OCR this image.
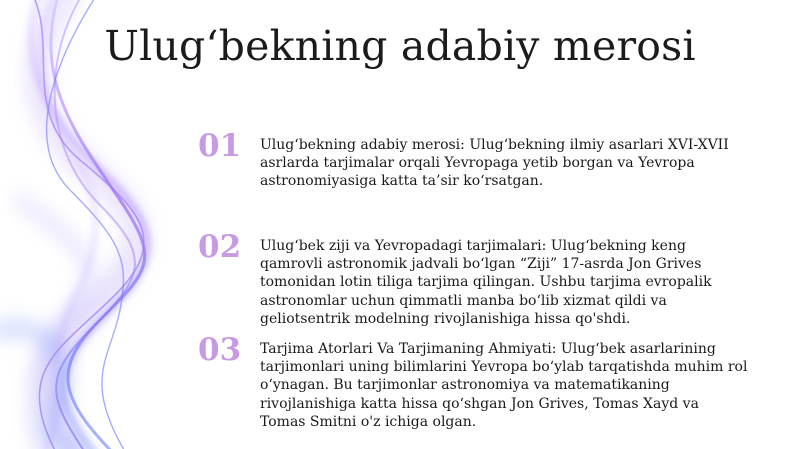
Ulug‘bekning adabiy merosi
01	Ulug‘bekning adabiy merosi: Ulug‘bekning ilmiy asarlari XVI-XVII asrlarda tarjimalar orqali Yevropaga yetib borgan va Yevropa astronomiyasiga katta ta’sir ko‘rsatgan.
02	Ulug‘bek ziji va Yevropadagi tarjimalari: Ulug‘bekning keng qamrovli astronomik jadvali bo‘lgan “Ziji” 17-asrda Jon Grives tomonidan lotin tiliga tarjima qilingan. Ushbu tarjima evropalik astronomlar uchun qimmatli manba bo‘lib xizmat qildi va geliotsentrik modelning rivojlanishiga hissa qo'shdi.
03	Tarjima Atorlari Va Tarjimaning Ahmiyati: Ulug‘bek asarlarining tarjimonlari uning bilimlarini Yevropa bo‘ylab tarqatishda muhim rol o‘ynagan. Bu tarjimonlar astronomiya va matematikaning rivojlanishiga katta hissa qo‘shgan Jon Grives, Tomas Xayd va Tomas Smitni o'z ichiga olgan.
